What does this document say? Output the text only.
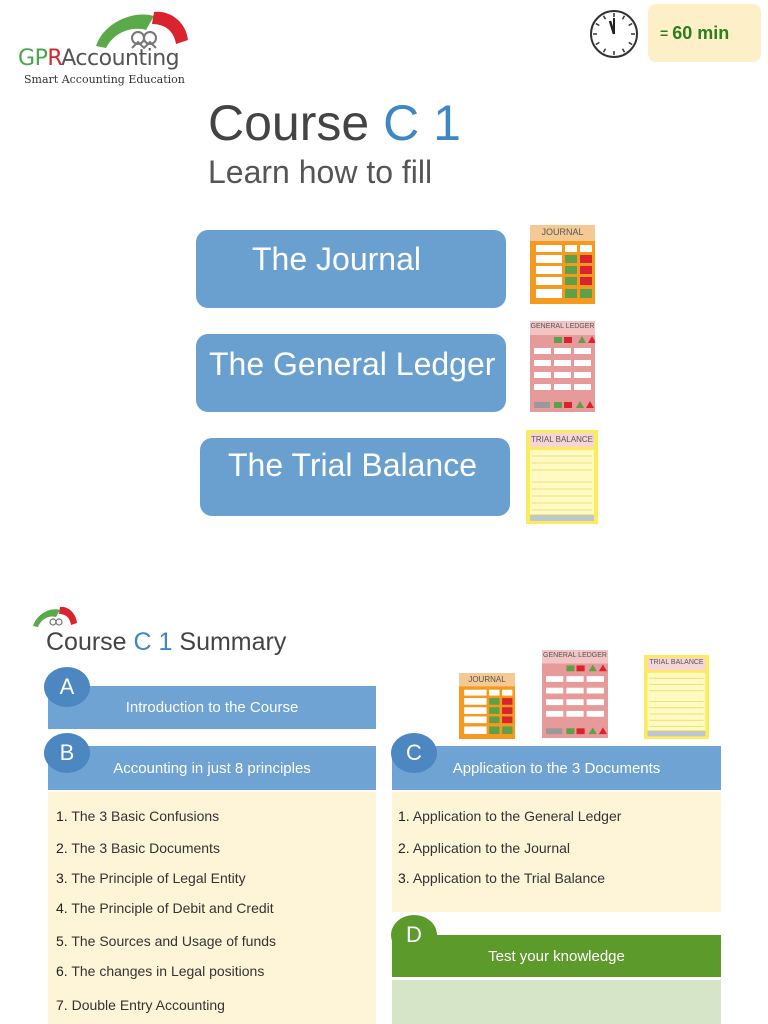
GPRAccounting
Smart Accounting Education
= 60 min
Course C 1
Learn how to fill
The Journal
The General Ledger
The Trial Balance
JOURNAL
GENERAL LEDGER
TRIAL BALANCE
Course C 1 Summary
JOURNAL
GENERAL LEDGER
TRIAL BALANCE
Introduction to the Course
A
Accounting in just 8 principles
B
1. The 3 Basic Confusions
2. The 3 Basic Documents
3. The Principle of Legal Entity
4. The Principle of Debit and Credit
5. The Sources and Usage of funds
6. The changes in Legal positions
7. Double Entry Accounting
Application to the 3 Documents
C
1. Application to the General Ledger
2. Application to the Journal
3. Application to the Trial Balance
Test your knowledge
D
